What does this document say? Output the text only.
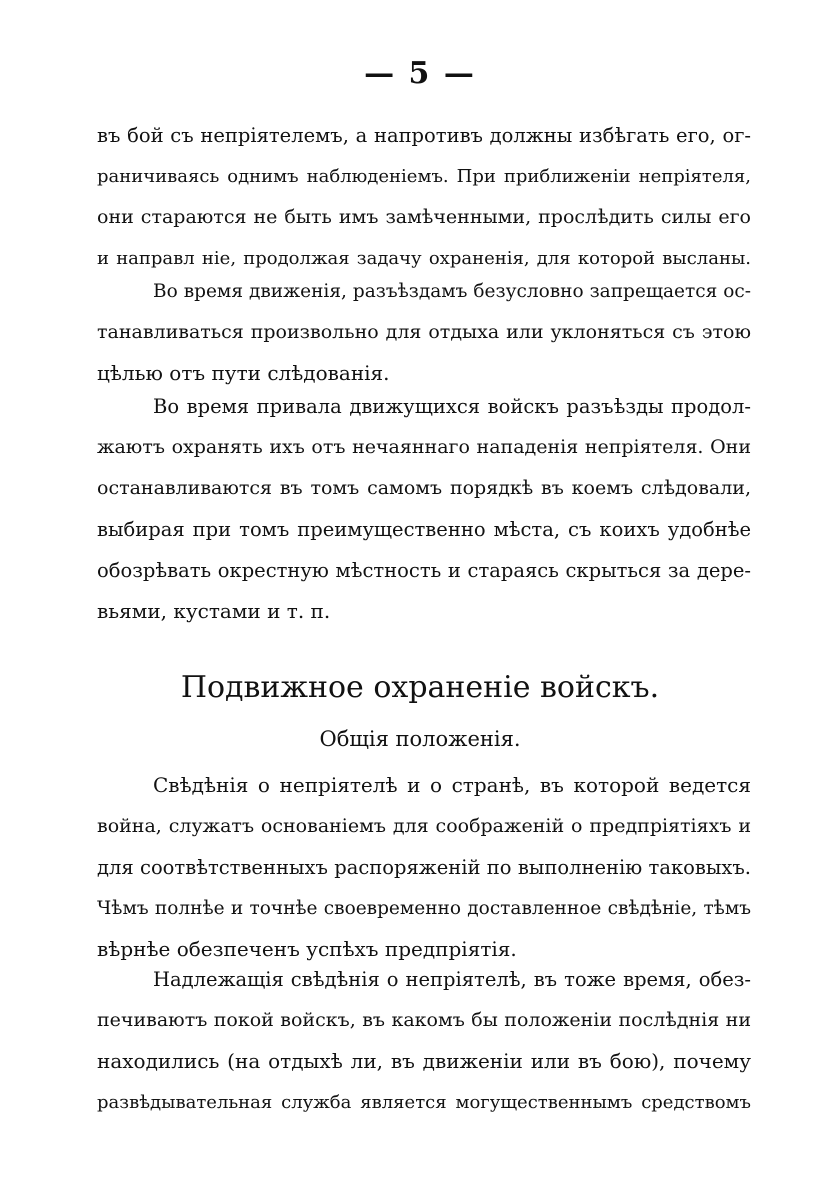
— 5 —
въ бой съ непріятелемъ, а напротивъ должны избѣгать его, ог-
раничиваясь однимъ наблюденіемъ. При приближеніи непріятеля,
они стараются не быть имъ замѣченными, прослѣдить силы его
и направл ніе, продолжая задачу охраненія, для которой высланы.
Во время движенія, разъѣздамъ безусловно запрещается ос-
танавливаться произвольно для отдыха или уклоняться съ этою
цѣлью отъ пути слѣдованія.
Во время привала движущихся войскъ разъѣзды продол-
жаютъ охранять ихъ отъ нечаяннаго нападенія непріятеля. Они
останавливаются въ томъ самомъ порядкѣ въ коемъ слѣдовали,
выбирая при томъ преимущественно мѣста, съ коихъ удобнѣе
обозрѣвать окрестную мѣстность и стараясь скрыться за дере-
вьями, кустами и т. п.
Подвижное охраненіе войскъ.
Общія положенія.
Свѣдѣнія о непріятелѣ и о странѣ, въ которой ведется
война, служатъ основаніемъ для соображеній о предпріятіяхъ и
для соотвѣтственныхъ распоряженій по выполненію таковыхъ.
Чѣмъ полнѣе и точнѣе своевременно доставленное свѣдѣніе, тѣмъ
вѣрнѣе обезпеченъ успѣхъ предпріятія.
Надлежащія свѣдѣнія о непріятелѣ, въ тоже время, обез-
печиваютъ покой войскъ, въ какомъ бы положеніи послѣднія ни
находились (на отдыхѣ ли, въ движеніи или въ бою), почему
развѣдывательная служба является могущественнымъ средствомъ
